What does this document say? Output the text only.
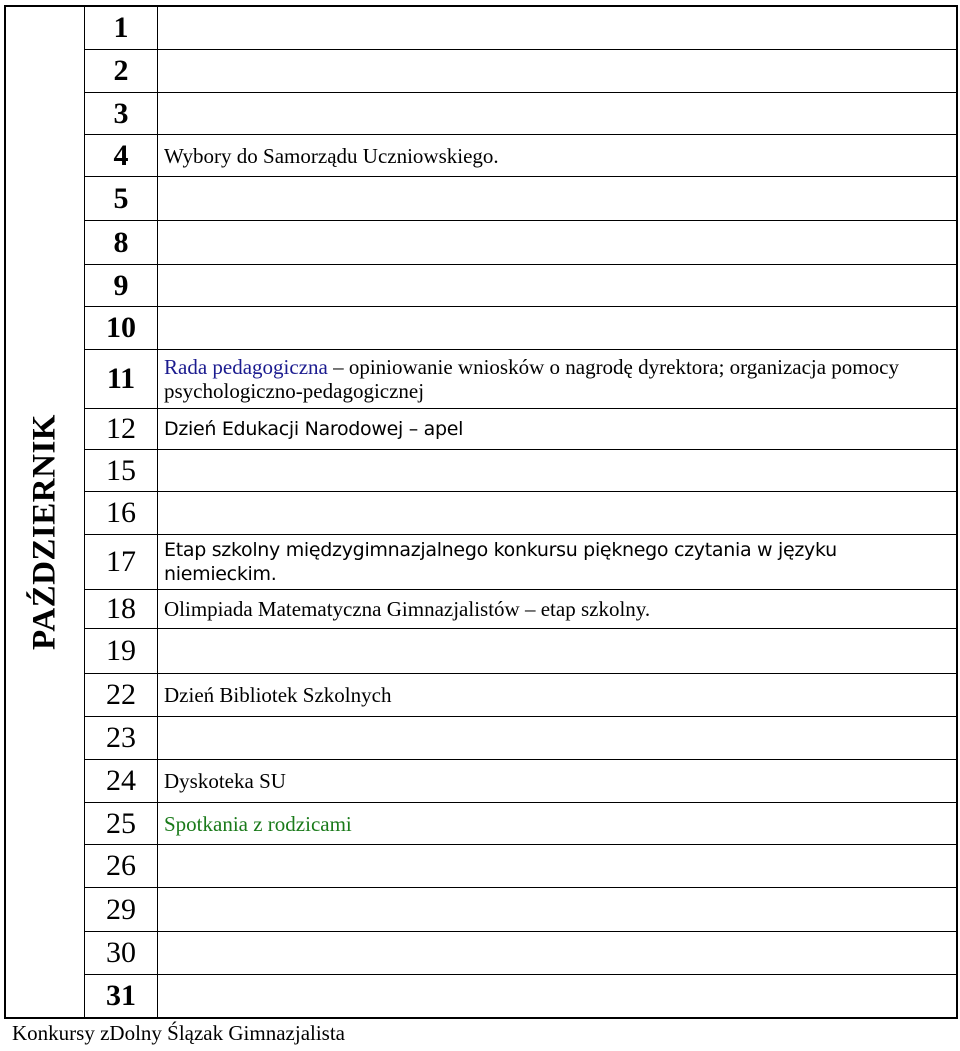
PAŹDZIERNIK
1
2
3
4	Wybory do Samorządu Uczniowskiego.
5
8
9
10
11	Rada pedagogiczna – opiniowanie wniosków o nagrodę dyrektora; organizacja pomocy psychologiczno-pedagogicznej
12	Dzień Edukacji Narodowej – apel
15
16
17	Etap szkolny międzygimnazjalnego konkursu pięknego czytania w języku niemieckim.
18	Olimpiada Matematyczna Gimnazjalistów – etap szkolny.
19
22	Dzień Bibliotek Szkolnych
23
24	Dyskoteka SU
25	Spotkania z rodzicami
26
29
30
31
Konkursy zDolny Ślązak Gimnazjalista
